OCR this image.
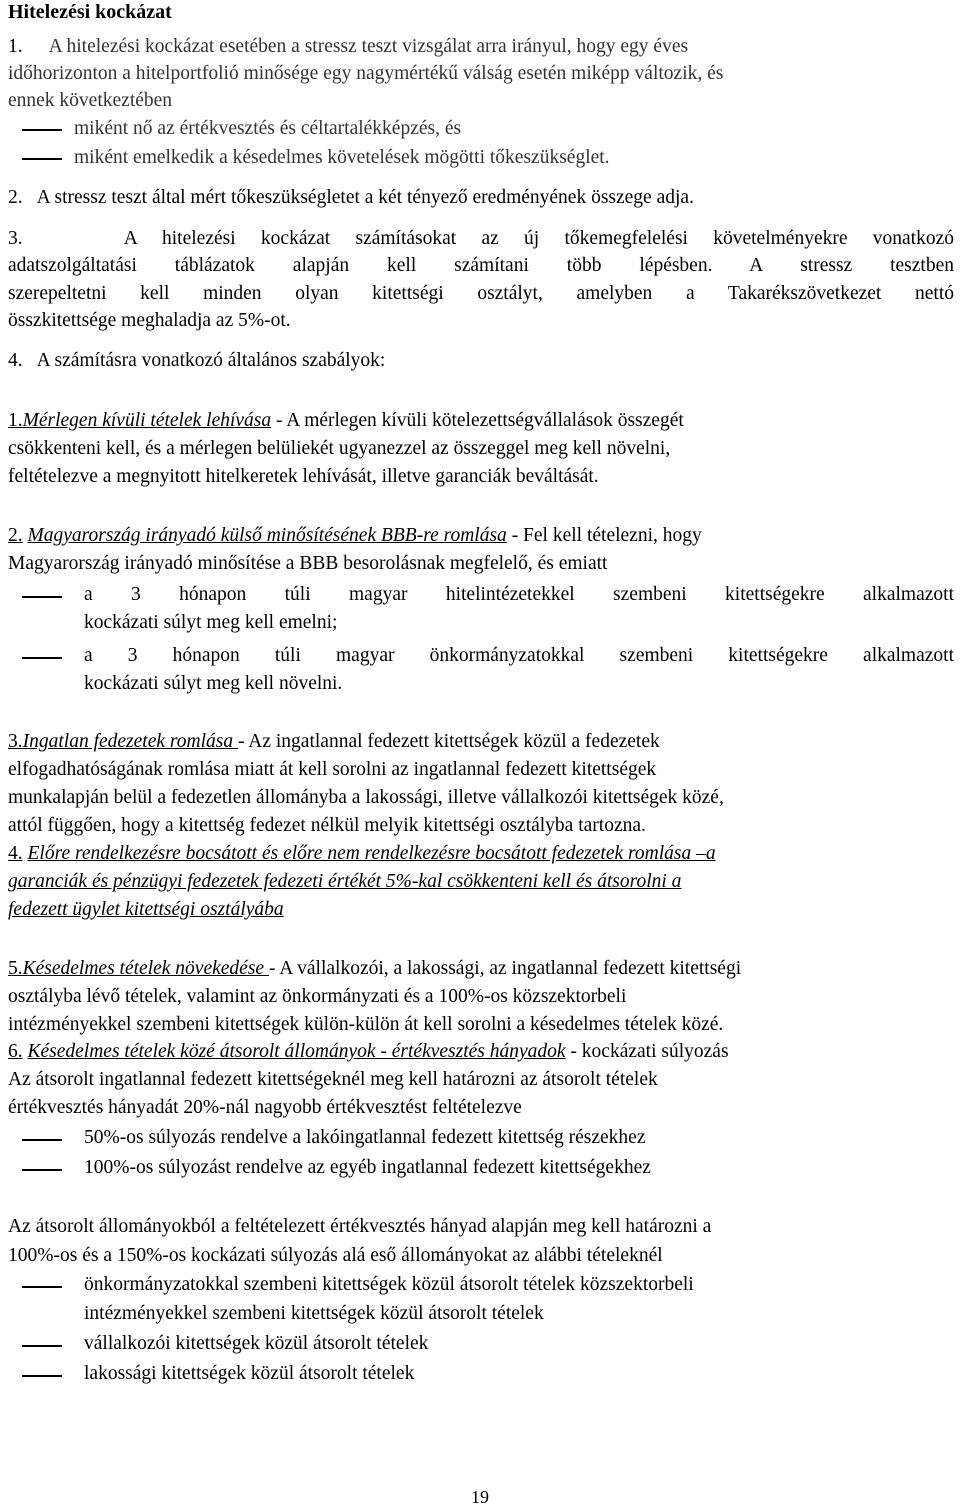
Hitelezési kockázat
1. A hitelezési kockázat esetében a stressz teszt vizsgálat arra irányul, hogy egy éves
időhorizonton a hitelportfolió minősége egy nagymértékű válság esetén miképp változik, és
ennek következtében
miként nő az értékvesztés és céltartalékképzés, és
miként emelkedik a késedelmes követelések mögötti tőkeszükséglet.
2. A stressz teszt által mért tőkeszükségletet a két tényező eredményének összege adja.
3.	A hitelezési kockázat számításokat az új tőkemegfelelési követelményekre vonatkozó
adatszolgáltatási táblázatok alapján kell számítani több lépésben. A stressz tesztben
szerepeltetni kell minden olyan kitettségi osztályt, amelyben a Takarékszövetkezet nettó
összkitettsége meghaladja az 5%-ot.
4. A számításra vonatkozó általános szabályok:
1.Mérlegen kívüli tételek lehívása - A mérlegen kívüli kötelezettségvállalások összegét
csökkenteni kell, és a mérlegen belüliekét ugyanezzel az összeggel meg kell növelni,
feltételezve a megnyitott hitelkeretek lehívását, illetve garanciák beváltását.
2. Magyarország irányadó külső minősítésének BBB-re romlása - Fel kell tételezni, hogy
Magyarország irányadó minősítése a BBB besorolásnak megfelelő, és emiatt
a 3 hónapon túli magyar hitelintézetekkel szembeni kitettségekre alkalmazott
kockázati súlyt meg kell emelni;
a 3 hónapon túli magyar önkormányzatokkal szembeni kitettségekre alkalmazott
kockázati súlyt meg kell növelni.
3.Ingatlan fedezetek romlása - Az ingatlannal fedezett kitettségek közül a fedezetek
elfogadhatóságának romlása miatt át kell sorolni az ingatlannal fedezett kitettségek
munkalapján belül a fedezetlen állományba a lakossági, illetve vállalkozói kitettségek közé,
attól függően, hogy a kitettség fedezet nélkül melyik kitettségi osztályba tartozna.
4. Előre rendelkezésre bocsátott és előre nem rendelkezésre bocsátott fedezetek romlása –a
garanciák és pénzügyi fedezetek fedezeti értékét 5%-kal csökkenteni kell és átsorolni a
fedezett ügylet kitettségi osztályába
5.Késedelmes tételek növekedése - A vállalkozói, a lakossági, az ingatlannal fedezett kitettségi
osztályba lévő tételek, valamint az önkormányzati és a 100%-os közszektorbeli
intézményekkel szembeni kitettségek külön-külön át kell sorolni a késedelmes tételek közé.
6. Késedelmes tételek közé átsorolt állományok - értékvesztés hányadok - kockázati súlyozás
Az átsorolt ingatlannal fedezett kitettségeknél meg kell határozni az átsorolt tételek
értékvesztés hányadát 20%-nál nagyobb értékvesztést feltételezve
50%-os súlyozás rendelve a lakóingatlannal fedezett kitettség részekhez
100%-os súlyozást rendelve az egyéb ingatlannal fedezett kitettségekhez
Az átsorolt állományokból a feltételezett értékvesztés hányad alapján meg kell határozni a
100%-os és a 150%-os kockázati súlyozás alá eső állományokat az alábbi tételeknél
önkormányzatokkal szembeni kitettségek közül átsorolt tételek közszektorbeli
intézményekkel szembeni kitettségek közül átsorolt tételek
vállalkozói kitettségek közül átsorolt tételek
lakossági kitettségek közül átsorolt tételek
19
